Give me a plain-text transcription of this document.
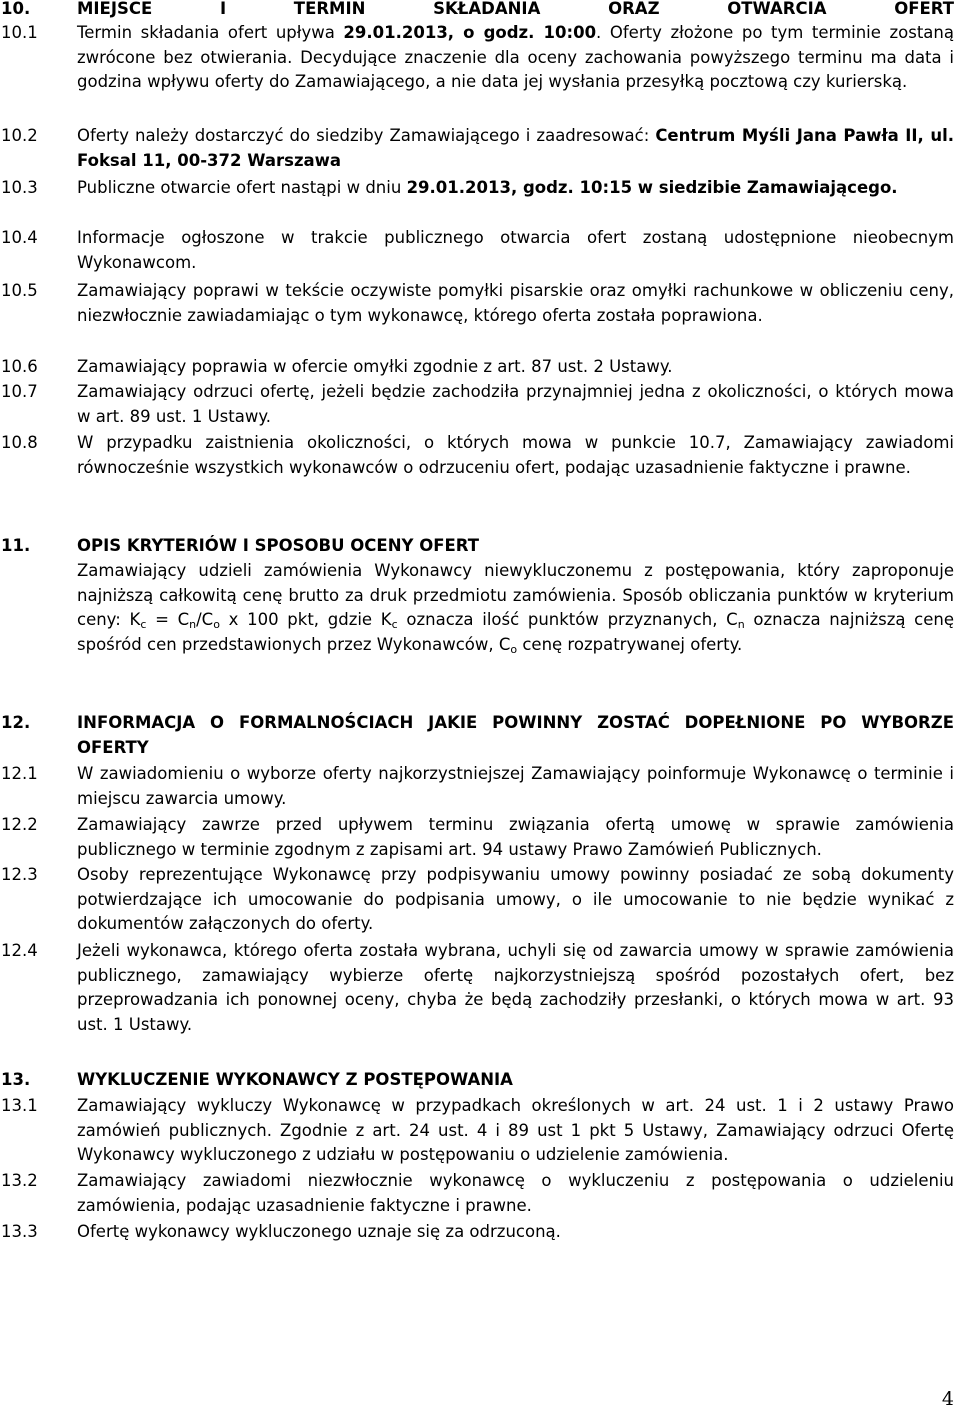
10.	MIEJSCE I TERMIN SKŁADANIA ORAZ OTWARCIA OFERT
10.1 Termin składania ofert upływa 29.01.2013, o godz. 10:00. Oferty złożone po tym terminie zostaną zwrócone bez otwierania. Decydujące znaczenie dla oceny zachowania powyższego terminu ma data i godzina wpływu oferty do Zamawiającego, a nie data jej wysłania przesyłką pocztową czy kurierską.
10.2 Oferty należy dostarczyć do siedziby Zamawiającego i zaadresować: Centrum Myśli Jana Pawła II, ul. Foksal 11, 00-372 Warszawa
10.3 Publiczne otwarcie ofert nastąpi w dniu 29.01.2013, godz. 10:15 w siedzibie Zamawiającego.
10.4 Informacje ogłoszone w trakcie publicznego otwarcia ofert zostaną udostępnione nieobecnym Wykonawcom.
10.5 Zamawiający poprawi w tekście oczywiste pomyłki pisarskie oraz omyłki rachunkowe w obliczeniu ceny, niezwłocznie zawiadamiając o tym wykonawcę, którego oferta została poprawiona.
10.6 Zamawiający poprawia w ofercie omyłki zgodnie z art. 87 ust. 2 Ustawy.
10.7 Zamawiający odrzuci ofertę, jeżeli będzie zachodziła przynajmniej jedna z okoliczności, o których mowa w art. 89 ust. 1 Ustawy.
10.8 W przypadku zaistnienia okoliczności, o których mowa w punkcie 10.7, Zamawiający zawiadomi równocześnie wszystkich wykonawców o odrzuceniu ofert, podając uzasadnienie faktyczne i prawne.
11.	OPIS KRYTERIÓW I SPOSOBU OCENY OFERT
Zamawiający udzieli zamówienia Wykonawcy niewykluczonemu z postępowania, który zaproponuje najniższą całkowitą cenę brutto za druk przedmiotu zamówienia. Sposób obliczania punktów w kryterium ceny: $K_c = C_n/C_o$ x 100 pkt, gdzie $K_c$ oznacza ilość punktów przyznanych, $C_n$ oznacza najniższą cenę spośród cen przedstawionych przez Wykonawców, $C_o$ cenę rozpatrywanej oferty.
12.	INFORMACJA O FORMALNOŚCIACH JAKIE POWINNY ZOSTAĆ DOPEŁNIONE PO WYBORZE OFERTY
12.1 W zawiadomieniu o wyborze oferty najkorzystniejszej Zamawiający poinformuje Wykonawcę o terminie i miejscu zawarcia umowy.
12.2 Zamawiający zawrze przed upływem terminu związania ofertą umowę w sprawie zamówienia publicznego w terminie zgodnym z zapisami art. 94 ustawy Prawo Zamówień Publicznych.
12.3 Osoby reprezentujące Wykonawcę przy podpisywaniu umowy powinny posiadać ze sobą dokumenty potwierdzające ich umocowanie do podpisania umowy, o ile umocowanie to nie będzie wynikać z dokumentów załączonych do oferty.
12.4 Jeżeli wykonawca, którego oferta została wybrana, uchyli się od zawarcia umowy w sprawie zamówienia publicznego, zamawiający wybierze ofertę najkorzystniejszą spośród pozostałych ofert, bez przeprowadzania ich ponownej oceny, chyba że będą zachodziły przesłanki, o których mowa w art. 93 ust. 1 Ustawy.
13.	WYKLUCZENIE WYKONAWCY Z POSTĘPOWANIA
13.1 Zamawiający wykluczy Wykonawcę w przypadkach określonych w art. 24 ust. 1 i 2 ustawy Prawo zamówień publicznych. Zgodnie z art. 24 ust. 4 i 89 ust 1 pkt 5 Ustawy, Zamawiający odrzuci Ofertę Wykonawcy wykluczonego z udziału w postępowaniu o udzielenie zamówienia.
13.2 Zamawiający zawiadomi niezwłocznie wykonawcę o wykluczeniu z postępowania o udzieleniu zamówienia, podając uzasadnienie faktyczne i prawne.
13.3 Ofertę wykonawcy wykluczonego uznaje się za odrzuconą.
4
